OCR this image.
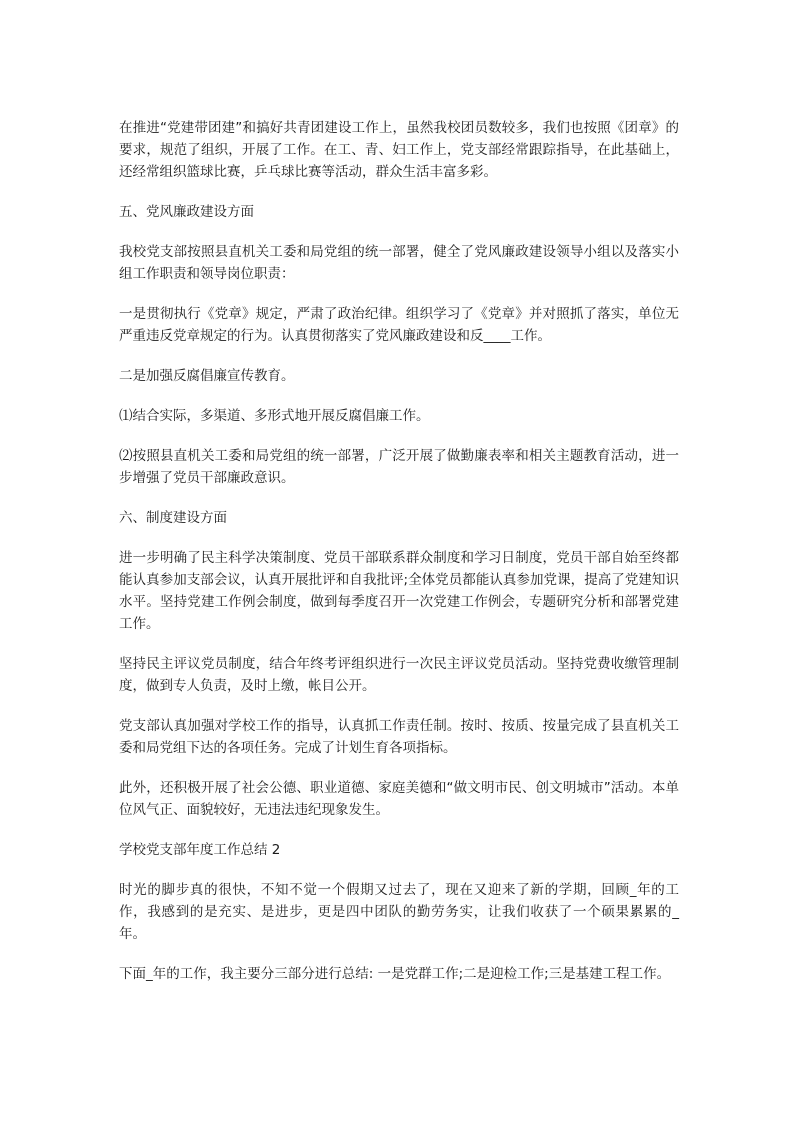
在推进“党建带团建”和搞好共青团建设工作上，虽然我校团员数较多，我们也按照《团章》的要求，规范了组织，开展了工作。在工、青、妇工作上，党支部经常跟踪指导，在此基础上，还经常组织篮球比赛，乒乓球比赛等活动，群众生活丰富多彩。

五、党风廉政建设方面

我校党支部按照县直机关工委和局党组的统一部署，健全了党风廉政建设领导小组以及落实小组工作职责和领导岗位职责：

一是贯彻执行《党章》规定，严肃了政治纪律。组织学习了《党章》并对照抓了落实，单位无严重违反党章规定的行为。认真贯彻落实了党风廉政建设和反____工作。

二是加强反腐倡廉宣传教育。

⑴结合实际，多渠道、多形式地开展反腐倡廉工作。

⑵按照县直机关工委和局党组的统一部署，广泛开展了做勤廉表率和相关主题教育活动，进一步增强了党员干部廉政意识。

六、制度建设方面

进一步明确了民主科学决策制度、党员干部联系群众制度和学习日制度，党员干部自始至终都能认真参加支部会议，认真开展批评和自我批评;全体党员都能认真参加党课，提高了党建知识水平。坚持党建工作例会制度，做到每季度召开一次党建工作例会，专题研究分析和部署党建工作。

坚持民主评议党员制度，结合年终考评组织进行一次民主评议党员活动。坚持党费收缴管理制度，做到专人负责，及时上缴，帐目公开。

党支部认真加强对学校工作的指导，认真抓工作责任制。按时、按质、按量完成了县直机关工委和局党组下达的各项任务。完成了计划生育各项指标。

此外，还积极开展了社会公德、职业道德、家庭美德和“做文明市民、创文明城市”活动。本单位风气正、面貌较好，无违法违纪现象发生。

学校党支部年度工作总结 2

时光的脚步真的很快，不知不觉一个假期又过去了，现在又迎来了新的学期，回顾_年的工作，我感到的是充实、是进步，更是四中团队的勤劳务实，让我们收获了一个硕果累累的_年。

下面_年的工作，我主要分三部分进行总结: 一是党群工作;二是迎检工作;三是基建工程工作。
